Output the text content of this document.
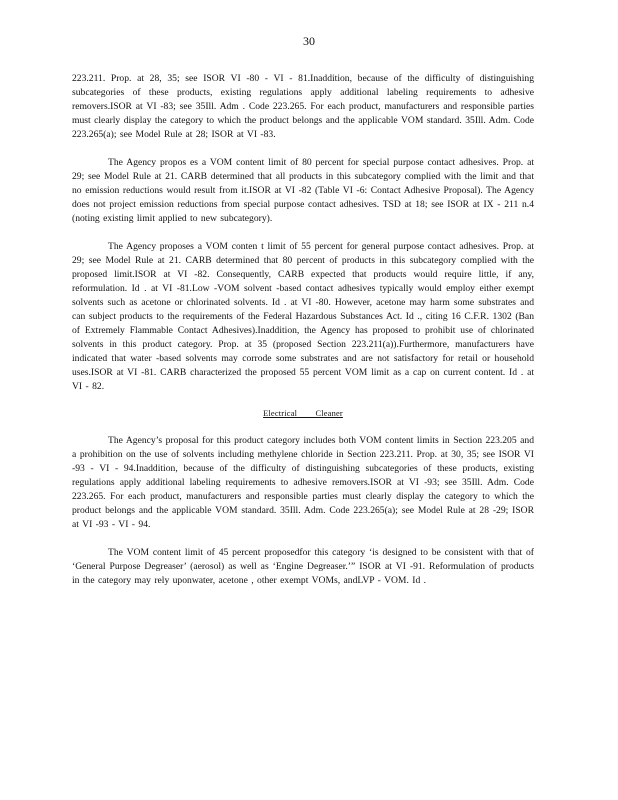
30

223.211. Prop. at 28, 35; see ISOR VI -80 - VI - 81.Inaddition, because of the difficulty of distinguishing subcategories of these products, existing regulations apply additional labeling requirements to adhesive removers.ISOR at VI -83; see 35Ill. Adm . Code 223.265. For each product, manufacturers and responsible parties must clearly display the category to which the product belongs and the applicable VOM standard. 35Ill. Adm. Code 223.265(a); see Model Rule at 28; ISOR at VI -83.

The Agency propos es a VOM content limit of 80 percent for special purpose contact adhesives. Prop. at 29; see Model Rule at 21. CARB determined that all products in this subcategory complied with the limit and that no emission reductions would result from it.ISOR at VI -82 (Table VI -6: Contact Adhesive Proposal). The Agency does not project emission reductions from special purpose contact adhesives. TSD at 18; see ISOR at IX - 211 n.4 (noting existing limit applied to new subcategory).

The Agency proposes a VOM conten t limit of 55 percent for general purpose contact adhesives. Prop. at 29; see Model Rule at 21. CARB determined that 80 percent of products in this subcategory complied with the proposed limit.ISOR at VI -82. Consequently, CARB expected that products would require little, if any, reformulation. Id . at VI -81.Low -VOM solvent -based contact adhesives typically would employ either exempt solvents such as acetone or chlorinated solvents. Id . at VI -80. However, acetone may harm some substrates and can subject products to the requirements of the Federal Hazardous Substances Act. Id ., citing 16 C.F.R. 1302 (Ban of Extremely Flammable Contact Adhesives).Inaddition, the Agency has proposed to prohibit use of chlorinated solvents in this product category. Prop. at 35 (proposed Section 223.211(a)).Furthermore, manufacturers have indicated that water -based solvents may corrode some substrates and are not satisfactory for retail or household uses.ISOR at VI -81. CARB characterized the proposed 55 percent VOM limit as a cap on current content. Id . at VI - 82.

Electrical Cleaner

The Agency’s proposal for this product category includes both VOM content limits in Section 223.205 and a prohibition on the use of solvents including methylene chloride in Section 223.211. Prop. at 30, 35; see ISOR VI -93 - VI - 94.Inaddition, because of the difficulty of distinguishing subcategories of these products, existing regulations apply additional labeling requirements to adhesive removers.ISOR at VI -93; see 35Ill. Adm. Code 223.265. For each product, manufacturers and responsible parties must clearly display the category to which the product belongs and the applicable VOM standard. 35Ill. Adm. Code 223.265(a); see Model Rule at 28 -29; ISOR at VI -93 - VI - 94.

The VOM content limit of 45 percent proposedfor this category ‘is designed to be consistent with that of ‘General Purpose Degreaser’ (aerosol) as well as ‘Engine Degreaser.’” ISOR at VI -91. Reformulation of products in the category may rely uponwater, acetone , other exempt VOMs, andLVP - VOM. Id .
